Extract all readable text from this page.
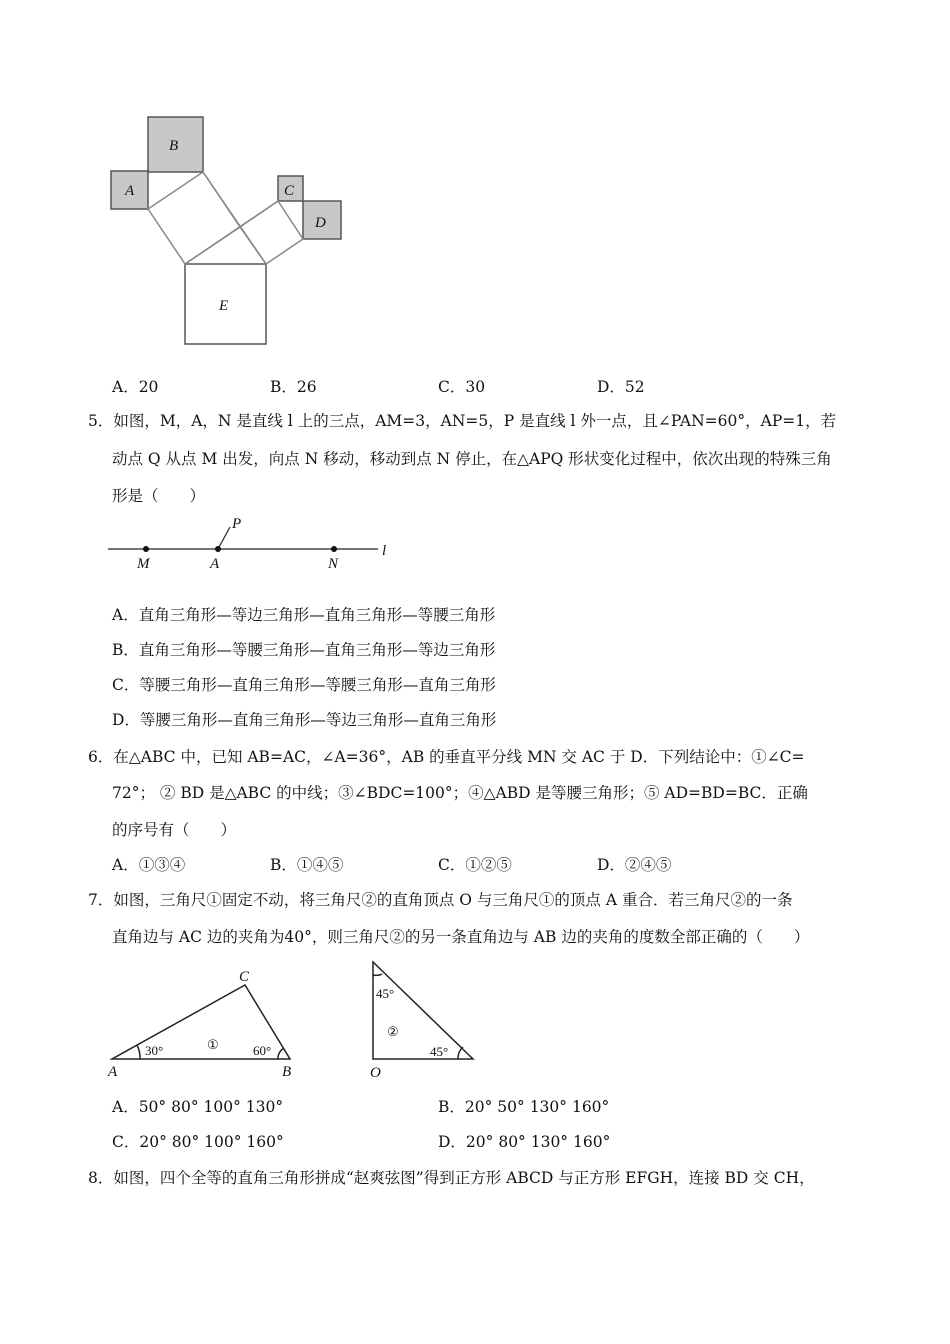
B
A	C
D
E
P
M	A	N
l
C
A	B	O
①
②
30°	60°
45°
45°
A．20	B．26	C．30	D．52
5．如图，M，A，N 是直线 l 上的三点，AM=3，AN=5，P 是直线 l 外一点，且∠PAN=60°，AP=1，若
动点 Q 从点 M 出发，向点 N 移动，移动到点 N 停止，在△APQ 形状变化过程中，依次出现的特殊三角
形是（　　）
A．直角三角形—等边三角形—直角三角形—等腰三角形
B．直角三角形—等腰三角形—直角三角形—等边三角形
C．等腰三角形—直角三角形—等腰三角形—直角三角形
D．等腰三角形—直角三角形—等边三角形—直角三角形
6．在△ABC 中，已知 AB=AC，∠A=36°，AB 的垂直平分线 MN 交 AC 于 D．下列结论中：①∠C=
72°； ② BD 是△ABC 的中线；③∠BDC=100°；④△ABD 是等腰三角形；⑤ AD=BD=BC．正确
的序号有（　　）
A．①③④	B．①④⑤	C．①②⑤	D．②④⑤
7．如图，三角尺①固定不动，将三角尺②的直角顶点 O 与三角尺①的顶点 A 重合．若三角尺②的一条
直角边与 AC 边的夹角为40°，则三角尺②的另一条直角边与 AB 边的夹角的度数全部正确的（　　）
A．50° 80° 100° 130°	B．20° 50° 130° 160°
C．20° 80° 100° 160°	D．20° 80° 130° 160°
8．如图，四个全等的直角三角形拼成“赵爽弦图”得到正方形 ABCD 与正方形 EFGH，连接 BD 交 CH，
